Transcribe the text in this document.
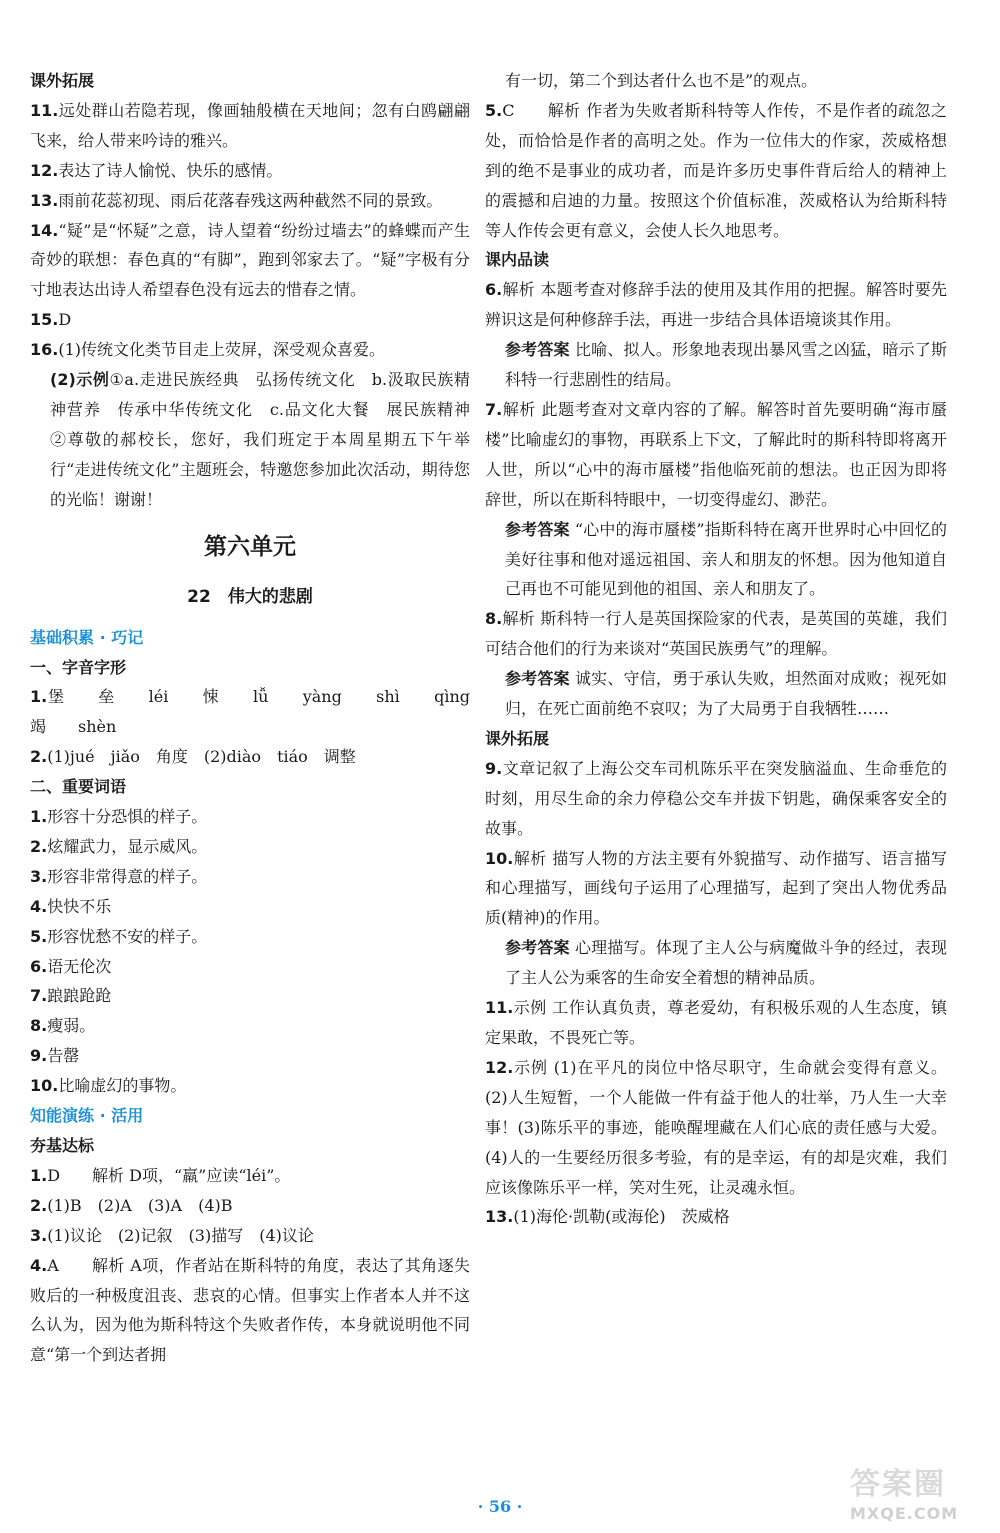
课外拓展
11.远处群山若隐若现，像画轴般横在天地间；忽有白鸥翩翩飞来，给人带来吟诗的雅兴。
12.表达了诗人愉悦、快乐的感情。
13.雨前花蕊初现、雨后花落春残这两种截然不同的景致。
14.“疑”是“怀疑”之意，诗人望着“纷纷过墙去”的蜂蝶而产生奇妙的联想：春色真的“有脚”，跑到邻家去了。“疑”字极有分寸地表达出诗人希望春色没有远去的惜春之情。
15.D
16.(1)传统文化类节目走上荧屏，深受观众喜爱。
(2)示例①a.走进民族经典　弘扬传统文化　b.汲取民族精神营养　传承中华传统文化　c.品文化大餐　展民族精神　②尊敬的郝校长，您好，我们班定于本周星期五下午举行“走进传统文化”主题班会，特邀您参加此次活动，期待您的光临！谢谢！
第六单元
22　伟大的悲剧
基础积累 · 巧记
一、字音字形
1.堡　　垒　　léi　　悚　　lǚ　　yàng　　shì　　qìng　　竭　　shèn
2.(1)jué　jiǎo　角度　(2)diào　tiáo　调整
二、重要词语
1.形容十分恐惧的样子。
2.炫耀武力，显示威风。
3.形容非常得意的样子。
4.快快不乐
5.形容忧愁不安的样子。
6.语无伦次
7.踉踉跄跄
8.瘦弱。
9.告罄
10.比喻虚幻的事物。
知能演练 · 活用
夯基达标
1.D　　解析 D项，“羸”应读“léi”。
2.(1)B　(2)A　(3)A　(4)B
3.(1)议论　(2)记叙　(3)描写　(4)议论
4.A　　解析 A项，作者站在斯科特的角度，表达了其角逐失败后的一种极度沮丧、悲哀的心情。但事实上作者本人并不这么认为，因为他为斯科特这个失败者作传，本身就说明他不同意“第一个到达者拥
有一切，第二个到达者什么也不是”的观点。
5.C　　解析 作者为失败者斯科特等人作传，不是作者的疏忽之处，而恰恰是作者的高明之处。作为一位伟大的作家，茨威格想到的绝不是事业的成功者，而是许多历史事件背后给人的精神上的震撼和启迪的力量。按照这个价值标准，茨威格认为给斯科特等人作传会更有意义，会使人长久地思考。
课内品读
6.解析 本题考查对修辞手法的使用及其作用的把握。解答时要先辨识这是何种修辞手法，再进一步结合具体语境谈其作用。
参考答案 比喻、拟人。形象地表现出暴风雪之凶猛，暗示了斯科特一行悲剧性的结局。
7.解析 此题考查对文章内容的了解。解答时首先要明确“海市蜃楼”比喻虚幻的事物，再联系上下文，了解此时的斯科特即将离开人世，所以“心中的海市蜃楼”指他临死前的想法。也正因为即将辞世，所以在斯科特眼中，一切变得虚幻、渺茫。
参考答案 “心中的海市蜃楼”指斯科特在离开世界时心中回忆的美好往事和他对遥远祖国、亲人和朋友的怀想。因为他知道自己再也不可能见到他的祖国、亲人和朋友了。
8.解析 斯科特一行人是英国探险家的代表，是英国的英雄，我们可结合他们的行为来谈对“英国民族勇气”的理解。
参考答案 诚实、守信，勇于承认失败，坦然面对成败；视死如归，在死亡面前绝不哀叹；为了大局勇于自我牺牲……
课外拓展
9.文章记叙了上海公交车司机陈乐平在突发脑溢血、生命垂危的时刻，用尽生命的余力停稳公交车并拔下钥匙，确保乘客安全的故事。
10.解析 描写人物的方法主要有外貌描写、动作描写、语言描写和心理描写，画线句子运用了心理描写，起到了突出人物优秀品质(精神)的作用。
参考答案 心理描写。体现了主人公与病魔做斗争的经过，表现了主人公为乘客的生命安全着想的精神品质。
11.示例 工作认真负责，尊老爱幼，有积极乐观的人生态度，镇定果敢，不畏死亡等。
12.示例 (1)在平凡的岗位中恪尽职守，生命就会变得有意义。(2)人生短暂，一个人能做一件有益于他人的壮举，乃人生一大幸事！(3)陈乐平的事迹，能唤醒埋藏在人们心底的责任感与大爱。(4)人的一生要经历很多考验，有的是幸运，有的却是灾难，我们应该像陈乐平一样，笑对生死，让灵魂永恒。
13.(1)海伦·凯勒(或海伦)　茨威格
· 56 ·
答案圈
MXQE.COM
